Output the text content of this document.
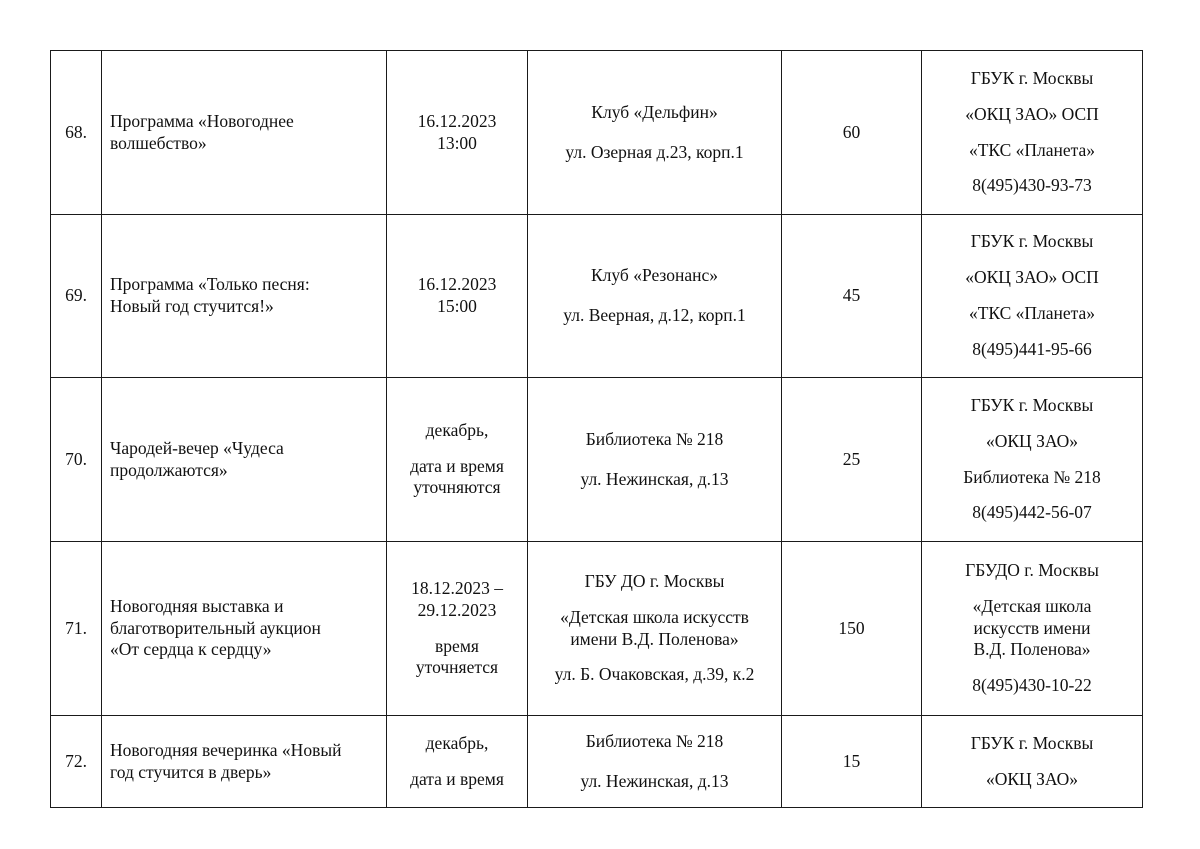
68.	Программа «Новогоднее
волшебство»	16.12.2023
13:00	Клуб «Дельфин»
ул. Озерная д.23, корп.1	60	ГБУК г. Москвы
«ОКЦ ЗАО» ОСП
«ТКС «Планета»
8(495)430-93-73

69.	Программа «Только песня:
Новый год стучится!»	16.12.2023
15:00	Клуб «Резонанс»
ул. Веерная, д.12, корп.1	45	ГБУК г. Москвы
«ОКЦ ЗАО» ОСП
«ТКС «Планета»
8(495)441-95-66

70.	Чародей-вечер «Чудеса
продолжаются»	декабрь,
дата и время
уточняются	Библиотека № 218
ул. Нежинская, д.13	25	ГБУК г. Москвы
«ОКЦ ЗАО»
Библиотека № 218
8(495)442-56-07

71.	Новогодняя выставка и
благотворительный аукцион
«От сердца к сердцу»	18.12.2023 –
29.12.2023
время
уточняется	ГБУ ДО г. Москвы
«Детская школа искусств
имени В.Д. Поленова»
ул. Б. Очаковская, д.39, к.2	150	ГБУДО г. Москвы
«Детская школа
искусств имени
В.Д. Поленова»
8(495)430-10-22

72.	Новогодняя вечеринка «Новый
год стучится в дверь»	декабрь,
дата и время	Библиотека № 218
ул. Нежинская, д.13	15	ГБУК г. Москвы
«ОКЦ ЗАО»
